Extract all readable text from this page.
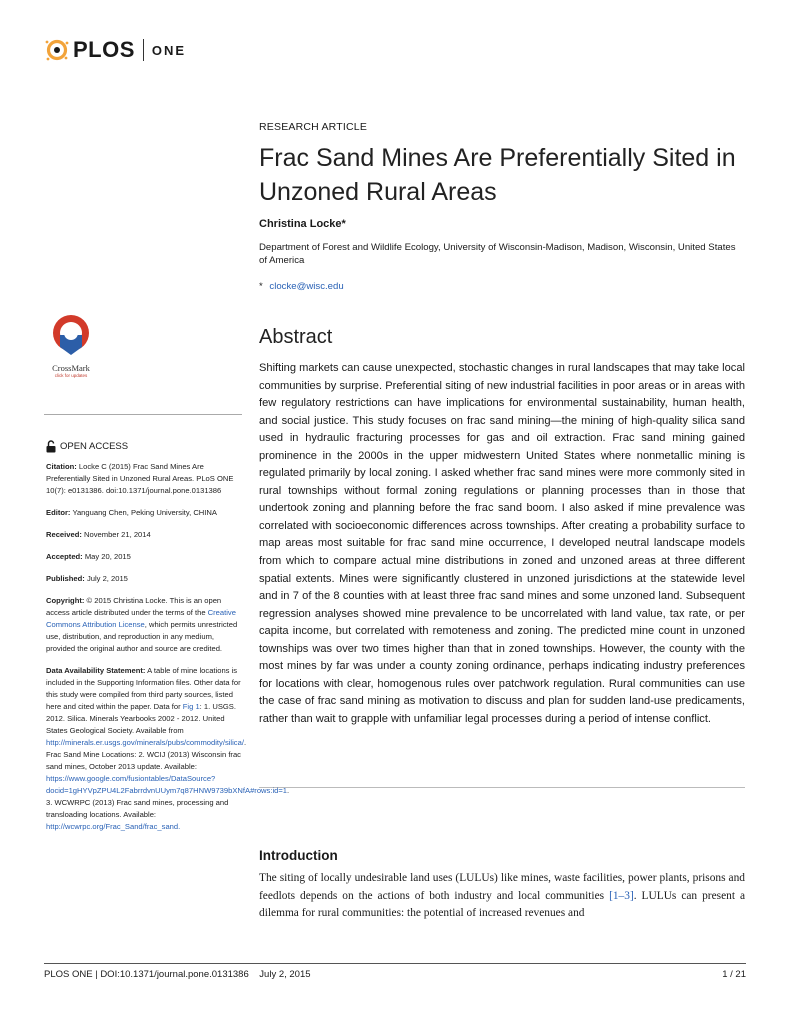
PLOS ONE
RESEARCH ARTICLE
Frac Sand Mines Are Preferentially Sited in Unzoned Rural Areas
Christina Locke*
Department of Forest and Wildlife Ecology, University of Wisconsin-Madison, Madison, Wisconsin, United States of America
* clocke@wisc.edu
Abstract
Shifting markets can cause unexpected, stochastic changes in rural landscapes that may take local communities by surprise. Preferential siting of new industrial facilities in poor areas or in areas with few regulatory restrictions can have implications for environmental sustainability, human health, and social justice. This study focuses on frac sand mining—the mining of high-quality silica sand used in hydraulic fracturing processes for gas and oil extraction. Frac sand mining gained prominence in the 2000s in the upper midwestern United States where nonmetallic mining is regulated primarily by local zoning. I asked whether frac sand mines were more commonly sited in rural townships without formal zoning regulations or planning processes than in those that undertook zoning and planning before the frac sand boom. I also asked if mine prevalence was correlated with socioeconomic differences across townships. After creating a probability surface to map areas most suitable for frac sand mine occurrence, I developed neutral landscape models from which to compare actual mine distributions in zoned and unzoned areas at three different spatial extents. Mines were significantly clustered in unzoned jurisdictions at the statewide level and in 7 of the 8 counties with at least three frac sand mines and some unzoned land. Subsequent regression analyses showed mine prevalence to be uncorrelated with land value, tax rate, or per capita income, but correlated with remoteness and zoning. The predicted mine count in unzoned townships was over two times higher than that in zoned townships. However, the county with the most mines by far was under a county zoning ordinance, perhaps indicating industry preferences for locations with clear, homogenous rules over patchwork regulation. Rural communities can use the case of frac sand mining as motivation to discuss and plan for sudden land-use predicaments, rather than wait to grapple with unfamiliar legal processes during a period of intense conflict.
Introduction
The siting of locally undesirable land uses (LULUs) like mines, waste facilities, power plants, prisons and feedlots depends on the actions of both industry and local communities [1–3]. LULUs can present a dilemma for rural communities: the potential of increased revenues and
CrossMark
click for updates
OPEN ACCESS

Citation: Locke C (2015) Frac Sand Mines Are Preferentially Sited in Unzoned Rural Areas. PLoS ONE 10(7): e0131386. doi:10.1371/journal.pone.0131386

Editor: Yanguang Chen, Peking University, CHINA

Received: November 21, 2014

Accepted: May 20, 2015

Published: July 2, 2015

Copyright: © 2015 Christina Locke. This is an open access article distributed under the terms of the Creative Commons Attribution License, which permits unrestricted use, distribution, and reproduction in any medium, provided the original author and source are credited.

Data Availability Statement: A table of mine locations is included in the Supporting Information files. Other data for this study were compiled from third party sources, listed here and cited within the paper. Data for Fig 1: 1. USGS. 2012. Silica. Minerals Yearbooks 2002 - 2012. United States Geological Society. Available from http://minerals.er.usgs.gov/minerals/pubs/commodity/silica/. Frac Sand Mine Locations: 2. WCIJ (2013) Wisconsin frac sand mines, October 2013 update. Available: https://www.google.com/fusiontables/DataSource?docid=1gHYVpZPU4L2FabrrdvnUUym7q87HNW9739bXNfA#rows:id=1. 3. WCWRPC (2013) Frac sand mines, processing and transloading locations. Available: http://wcwrpc.org/Frac_Sand/frac_sand.

PLOS ONE | DOI:10.1371/journal.pone.0131386    July 2, 2015	1 / 21
